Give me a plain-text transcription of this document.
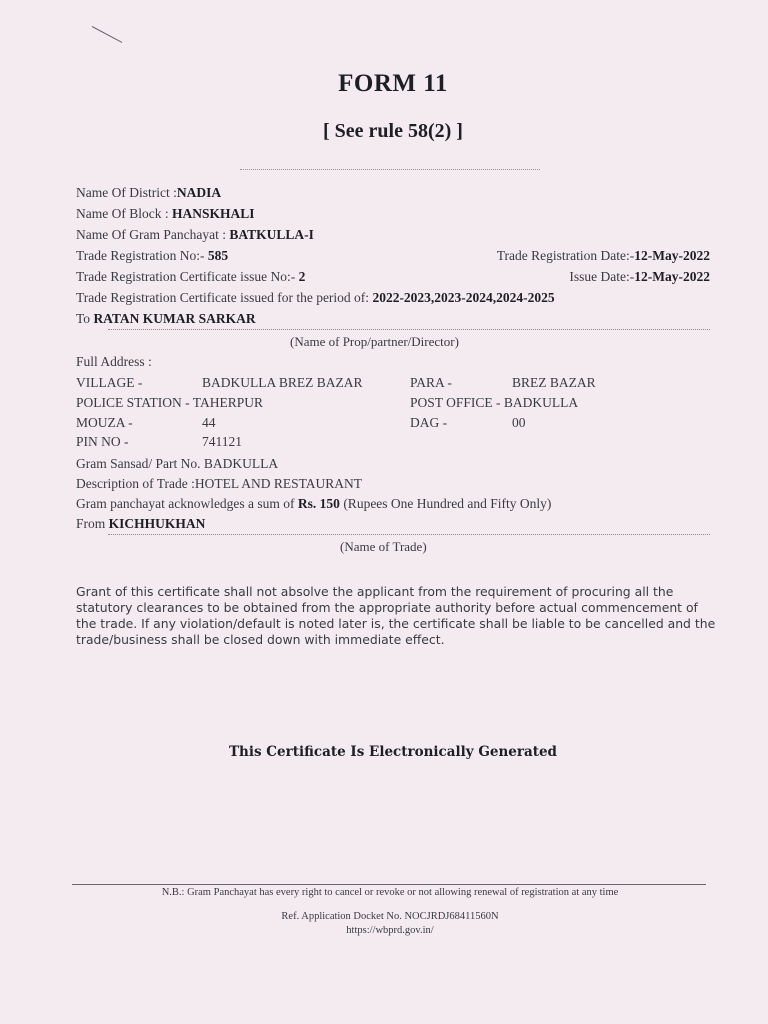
FORM 11
[ See rule 58(2) ]
Name Of District :NADIA
Name Of Block : HANSKHALI
Name Of Gram Panchayat : BATKULLA-I
Trade Registration No:- 585	Trade Registration Date:-12-May-2022
Trade Registration Certificate issue No:- 2	Issue Date:-12-May-2022
Trade Registration Certificate issued for the period of: 2022-2023,2023-2024,2024-2025
To RATAN KUMAR SARKAR
(Name of Prop/partner/Director)
Full Address :
VILLAGE -	BADKULLA BREZ BAZAR	PARA -	BREZ BAZAR
POLICE STATION - TAHERPUR	POST OFFICE - BADKULLA
MOUZA -	44	DAG -	00
PIN NO -	741121
Gram Sansad/ Part No. BADKULLA
Description of Trade :HOTEL AND RESTAURANT
Gram panchayat acknowledges a sum of Rs. 150 (Rupees One Hundred and Fifty Only)
From KICHHUKHAN
(Name of Trade)
Grant of this certificate shall not absolve the applicant from the requirement of procuring all the statutory clearances to be obtained from the appropriate authority before actual commencement of the trade. If any violation/default is noted later is, the certificate shall be liable to be cancelled and the trade/business shall be closed down with immediate effect.
This Certificate Is Electronically Generated
N.B.: Gram Panchayat has every right to cancel or revoke or not allowing renewal of registration at any time
Ref. Application Docket No. NOCJRDJ68411560N
https://wbprd.gov.in/
